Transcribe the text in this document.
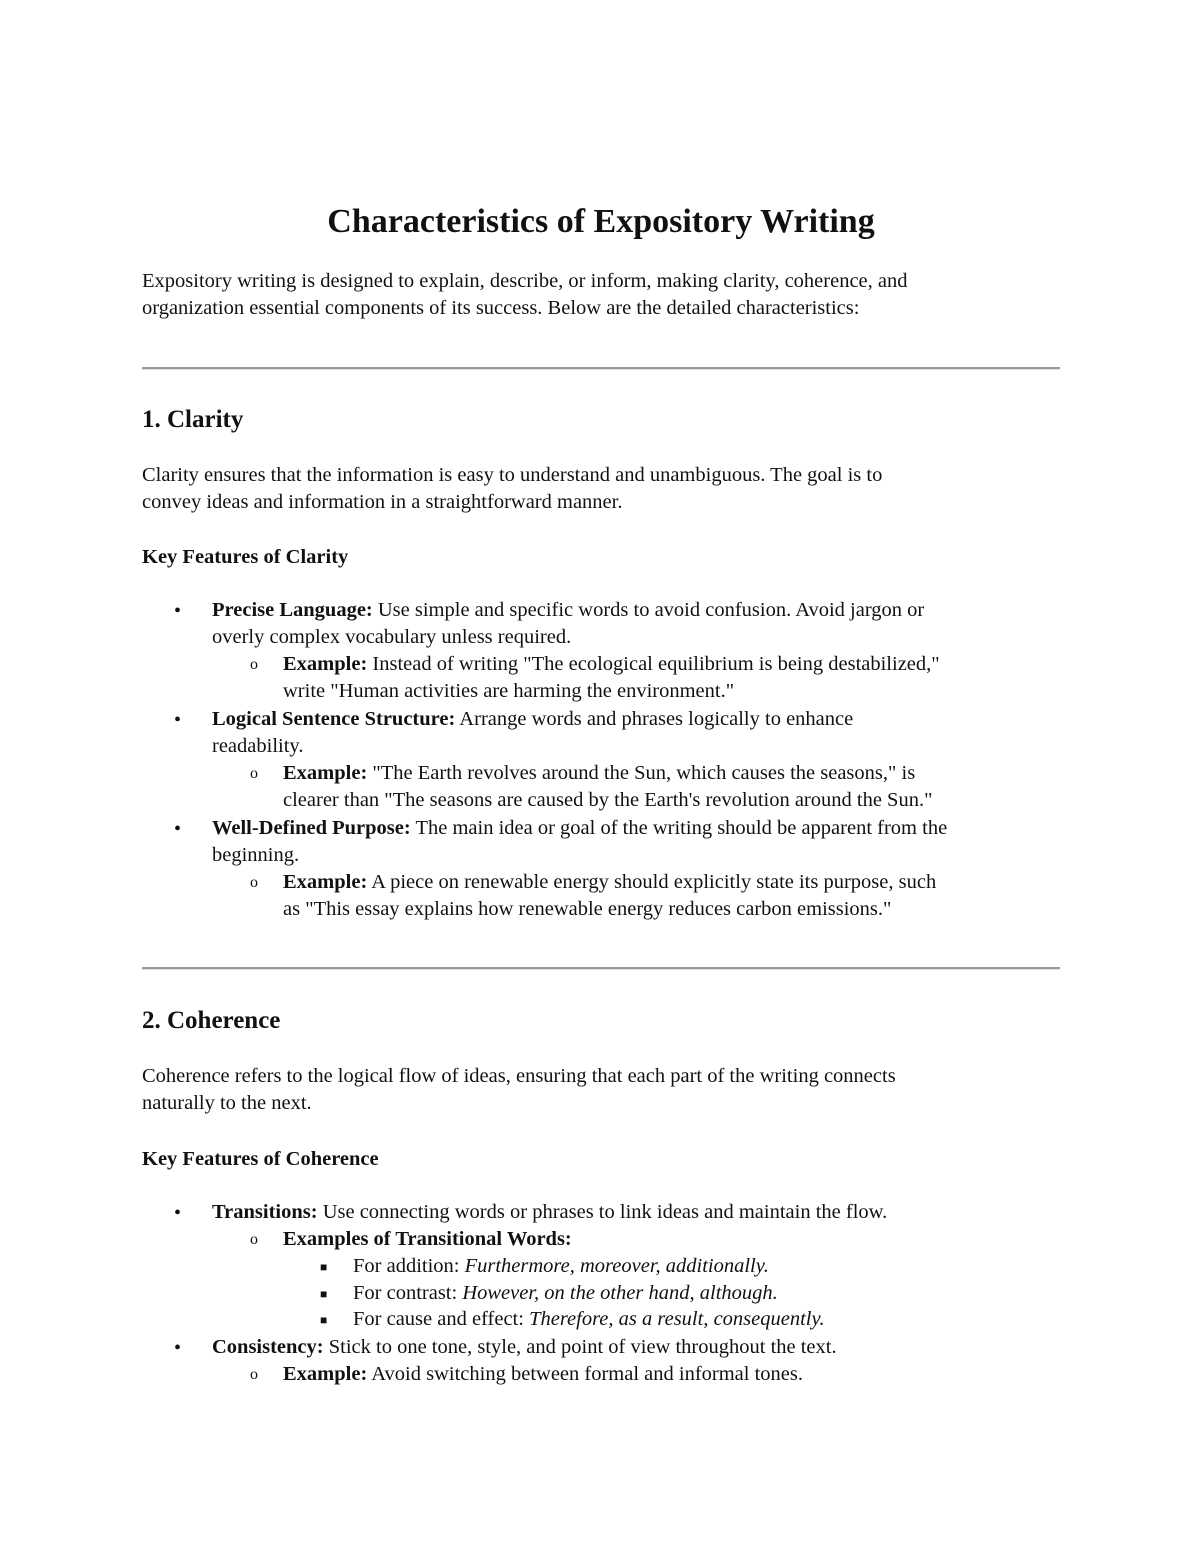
Characteristics of Expository Writing

Expository writing is designed to explain, describe, or inform, making clarity, coherence, and

organization essential components of its success. Below are the detailed characteristics:

1. Clarity

Clarity ensures that the information is easy to understand and unambiguous. The goal is to

convey ideas and information in a straightforward manner.

Key Features of Clarity
• Precise Language: Use simple and specific words to avoid confusion. Avoid jargon or

overly complex vocabulary unless required.

o Example: Instead of writing "The ecological equilibrium is being destabilized,"

write "Human activities are harming the environment."

• Logical Sentence Structure: Arrange words and phrases logically to enhance

readability.

o Example: "The Earth revolves around the Sun, which causes the seasons," is

clearer than "The seasons are caused by the Earth's revolution around the Sun."

• Well-Defined Purpose: The main idea or goal of the writing should be apparent from the

beginning.

o Example: A piece on renewable energy should explicitly state its purpose, such

as "This essay explains how renewable energy reduces carbon emissions."

2. Coherence

Coherence refers to the logical flow of ideas, ensuring that each part of the writing connects

naturally to the next.

Key Features of Coherence
• Transitions: Use connecting words or phrases to link ideas and maintain the flow.

o Examples of Transitional Words:

■ For addition: Furthermore, moreover, additionally.

■ For contrast: However, on the other hand, although.

■ For cause and effect: Therefore, as a result, consequently.

• Consistency: Stick to one tone, style, and point of view throughout the text.

o Example: Avoid switching between formal and informal tones.
